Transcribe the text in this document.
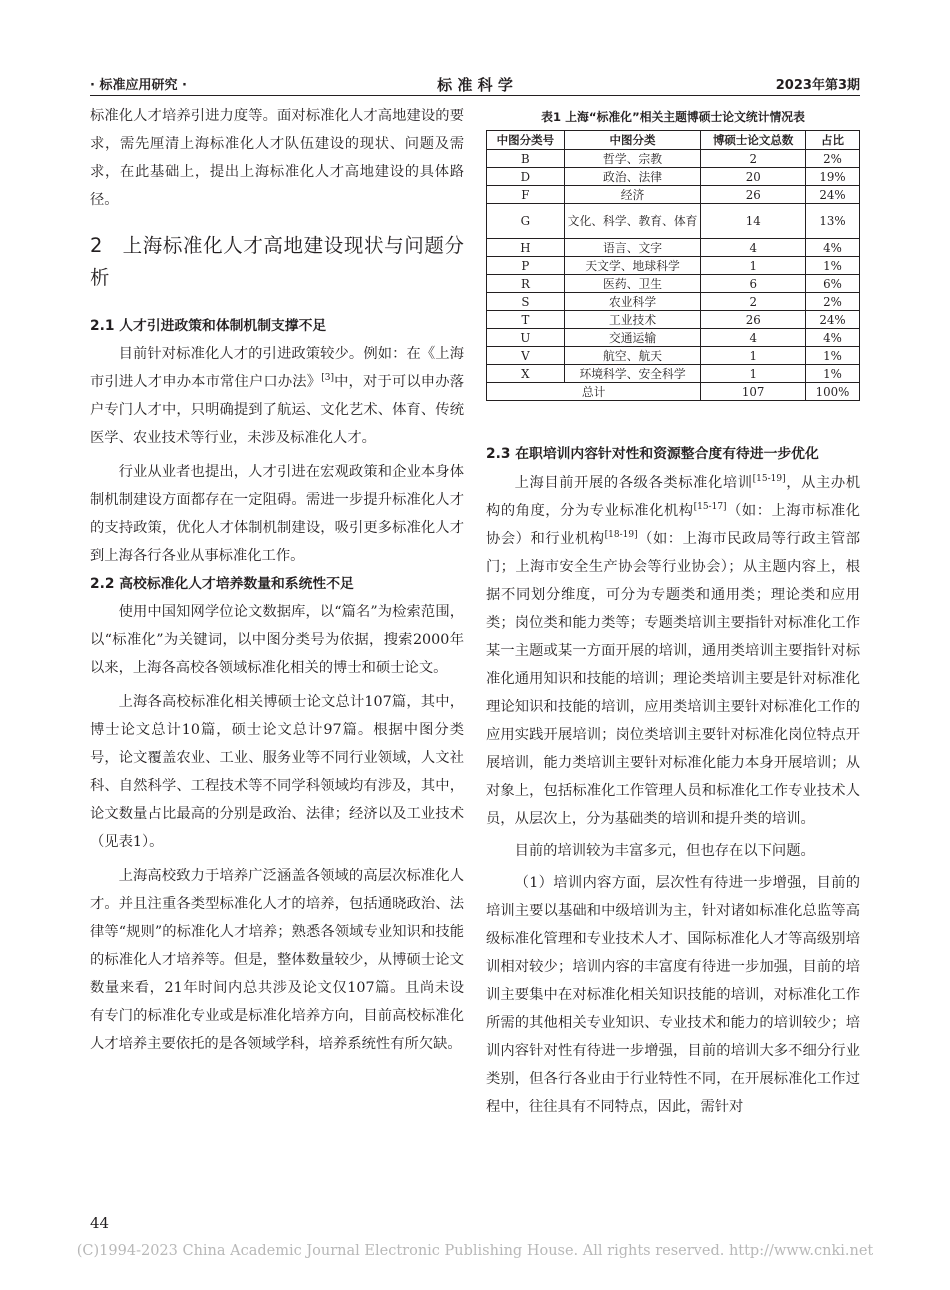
· 标准应用研究 ·	标 准 科 学	2023年第3期

标准化人才培养引进力度等。面对标准化人才高地建设的要求，需先厘清上海标准化人才队伍建设的现状、问题及需求，在此基础上，提出上海标准化人才高地建设的具体路径。

2 上海标准化人才高地建设现状与问题分析

2.1 人才引进政策和体制机制支撑不足

目前针对标准化人才的引进政策较少。例如：在《上海市引进人才申办本市常住户口办法》[3]中，对于可以申办落户专门人才中，只明确提到了航运、文化艺术、体育、传统医学、农业技术等行业，未涉及标准化人才。

行业从业者也提出，人才引进在宏观政策和企业本身体制机制建设方面都存在一定阻碍。需进一步提升标准化人才的支持政策，优化人才体制机制建设，吸引更多标准化人才到上海各行各业从事标准化工作。

2.2 高校标准化人才培养数量和系统性不足

使用中国知网学位论文数据库，以“篇名”为检索范围，以“标准化”为关键词，以中图分类号为依据，搜索2000年以来，上海各高校各领域标准化相关的博士和硕士论文。

上海各高校标准化相关博硕士论文总计107篇，其中，博士论文总计10篇，硕士论文总计97篇。根据中图分类号，论文覆盖农业、工业、服务业等不同行业领域，人文社科、自然科学、工程技术等不同学科领域均有涉及，其中，论文数量占比最高的分别是政治、法律；经济以及工业技术（见表1）。

上海高校致力于培养广泛涵盖各领域的高层次标准化人才。并且注重各类型标准化人才的培养，包括通晓政治、法律等“规则”的标准化人才培养；熟悉各领域专业知识和技能的标准化人才培养等。但是，整体数量较少，从博硕士论文数量来看，21年时间内总共涉及论文仅107篇。且尚未设有专门的标准化专业或是标准化培养方向，目前高校标准化人才培养主要依托的是各领域学科，培养系统性有所欠缺。

表1 上海“标准化”相关主题博硕士论文统计情况表
中图分类号	中图分类	博硕士论文总数	占比
B	哲学、宗教	2	2%
D	政治、法律	20	19%
F	经济	26	24%
G	文化、科学、教育、体育	14	13%
H	语言、文字	4	4%
P	天文学、地球科学	1	1%
R	医药、卫生	6	6%
S	农业科学	2	2%
T	工业技术	26	24%
U	交通运输	4	4%
V	航空、航天	1	1%
X	环境科学、安全科学	1	1%
总计		107	100%

2.3 在职培训内容针对性和资源整合度有待进一步优化

上海目前开展的各级各类标准化培训[15-19]，从主办机构的角度，分为专业标准化机构[15-17]（如：上海市标准化协会）和行业机构[18-19]（如：上海市民政局等行政主管部门；上海市安全生产协会等行业协会）；从主题内容上，根据不同划分维度，可分为专题类和通用类；理论类和应用类；岗位类和能力类等；专题类培训主要指针对标准化工作某一主题或某一方面开展的培训，通用类培训主要指针对标准化通用知识和技能的培训；理论类培训主要是针对标准化理论知识和技能的培训，应用类培训主要针对标准化工作的应用实践开展培训；岗位类培训主要针对标准化岗位特点开展培训，能力类培训主要针对标准化能力本身开展培训；从对象上，包括标准化工作管理人员和标准化工作专业技术人员，从层次上，分为基础类的培训和提升类的培训。

目前的培训较为丰富多元，但也存在以下问题。

（1）培训内容方面，层次性有待进一步增强，目前的培训主要以基础和中级培训为主，针对诸如标准化总监等高级标准化管理和专业技术人才、国际标准化人才等高级别培训相对较少；培训内容的丰富度有待进一步加强，目前的培训主要集中在对标准化相关知识技能的培训，对标准化工作所需的其他相关专业知识、专业技术和能力的培训较少；培训内容针对性有待进一步增强，目前的培训大多不细分行业类别，但各行各业由于行业特性不同，在开展标准化工作过程中，往往具有不同特点，因此，需针对

44
(C)1994-2023 China Academic Journal Electronic Publishing House. All rights reserved. http://www.cnki.net
